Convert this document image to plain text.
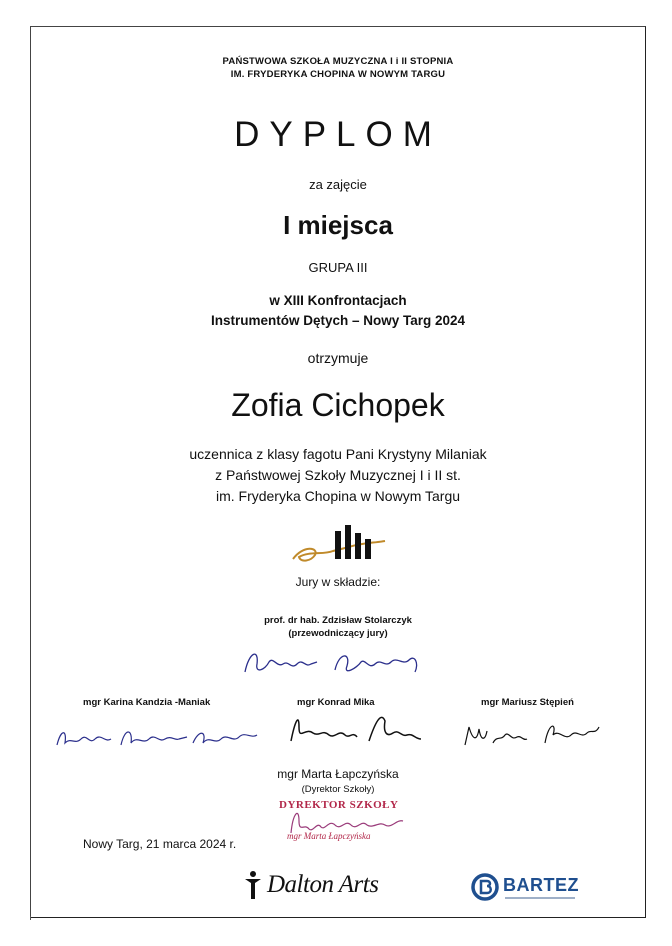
PAŃSTWOWA SZKOŁA MUZYCZNA I i II STOPNIA
IM. FRYDERYKA CHOPINA W NOWYM TARGU
DYPLOM
za zajęcie
I miejsca
GRUPA III
w XIII Konfrontacjach
Instrumentów Dętych – Nowy Targ 2024
otrzymuje
Zofia Cichopek
uczennica z klasy fagotu Pani Krystyny Milaniak
z Państwowej Szkoły Muzycznej I i II st.
im. Fryderyka Chopina w Nowym Targu
Jury w składzie:
prof. dr hab. Zdzisław Stolarczyk
(przewodniczący jury)
mgr Karina Kandzia -Maniak	mgr Konrad Mika	mgr Mariusz Stępień
mgr Marta Łapczyńska
(Dyrektor Szkoły)
DYREKTOR SZKOŁY
mgr Marta Łapczyńska
Nowy Targ, 21 marca 2024 r.
Dalton Arts	BARTEZ
